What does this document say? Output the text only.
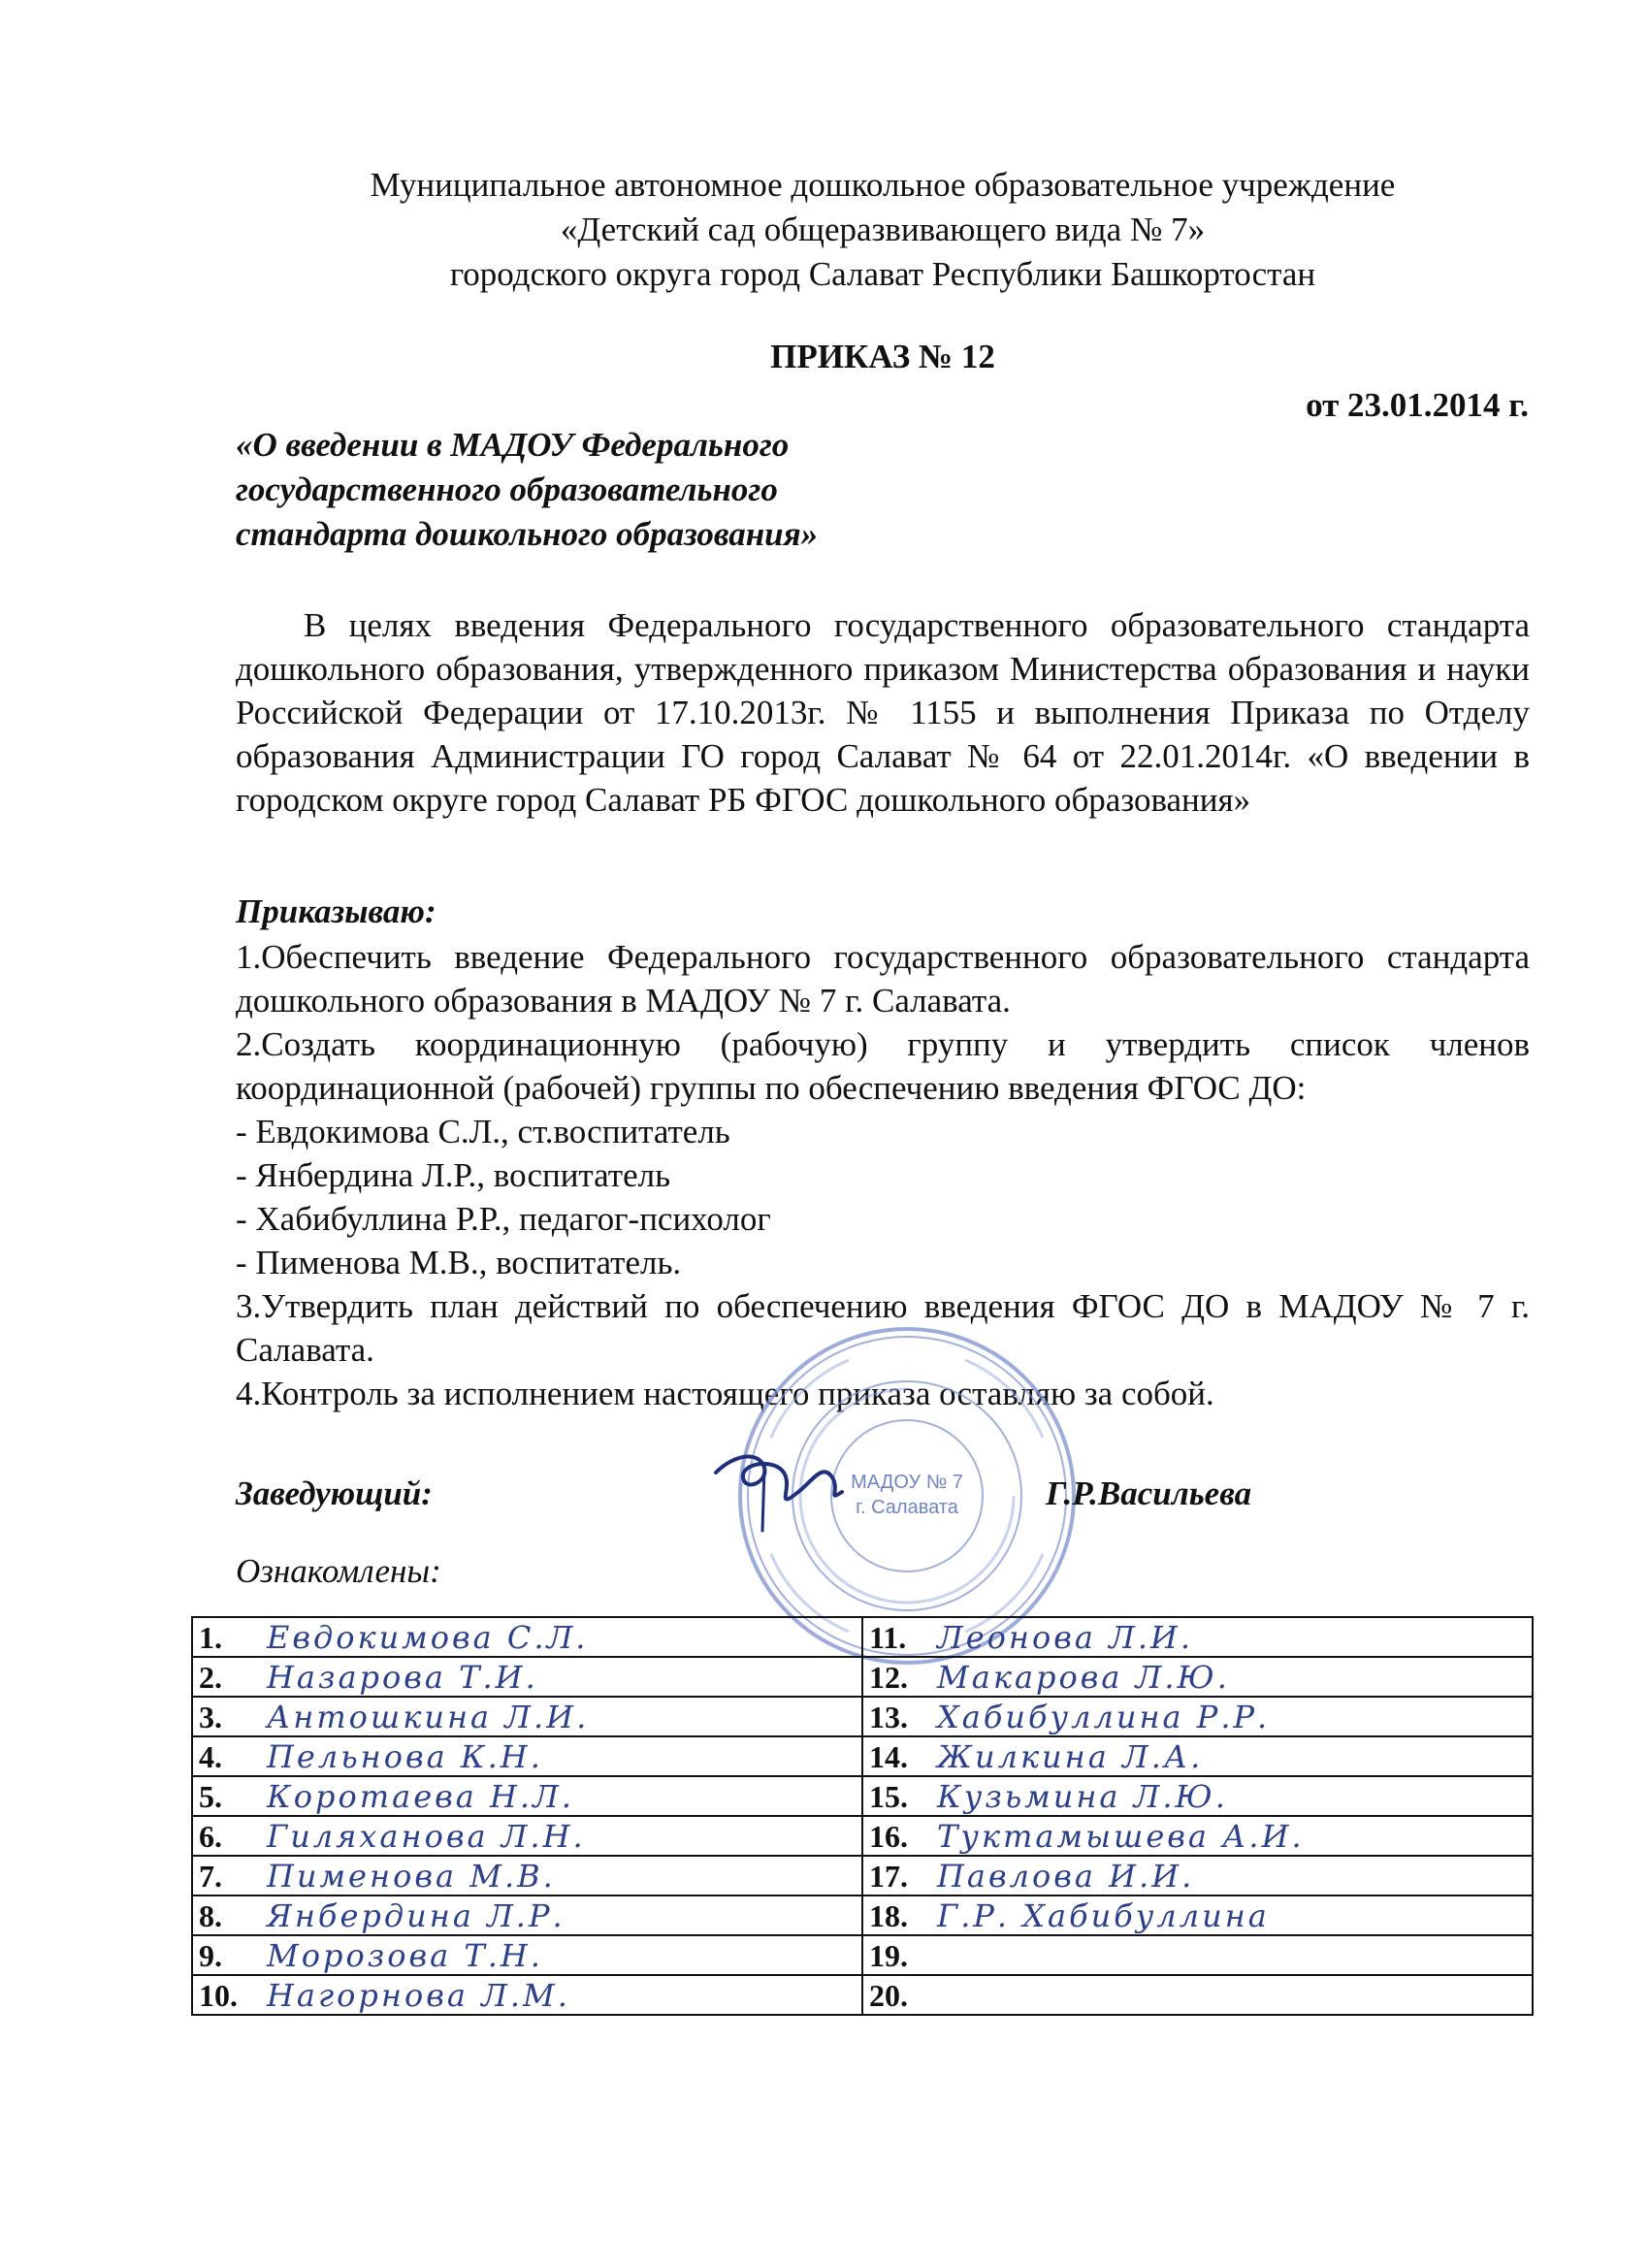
Муниципальное автономное дошкольное образовательное учреждение
«Детский сад общеразвивающего вида № 7»
городского округа город Салават Республики Башкортостан
ПРИКАЗ № 12
от 23.01.2014 г.
«О введении в МАДОУ Федерального
государственного образовательного
стандарта дошкольного образования»
В целях введения Федерального государственного образовательного стандарта дошкольного образования, утвержденного приказом Министерства образования и науки Российской Федерации от 17.10.2013г. № 1155 и выполнения Приказа по Отделу образования Администрации ГО город Салават № 64 от 22.01.2014г. «О введении в городском округе город Салават РБ ФГОС дошкольного образования»
Приказываю:
1.Обеспечить введение Федерального государственного образовательного стандарта дошкольного образования в МАДОУ № 7 г. Салавата.
2.Создать координационную (рабочую) группу и утвердить список членов координационной (рабочей) группы по обеспечению введения ФГОС ДО:
- Евдокимова С.Л., ст.воспитатель
- Янбердина Л.Р., воспитатель
- Хабибуллина Р.Р., педагог-психолог
- Пименова М.В., воспитатель.
3.Утвердить план действий по обеспечению введения ФГОС ДО в МАДОУ № 7 г. Салавата.
4.Контроль за исполнением настоящего приказа оставляю за собой.
МАДОУ № 7
г. Салавата
Заведующий:	Г.Р.Васильева
Ознакомлены:
1. Евдокимова С.Л.	11. Леонова Л.И.
2. Назарова Т.И.	12. Макарова Л.Ю.
3. Антошкина Л.И.	13. Хабибуллина Р.Р.
4. Пельнова К.Н.	14. Жилкина Л.А.
5. Коротаева Н.Л.	15. Кузьмина Л.Ю.
6. Гиляханова Л.Н.	16. Туктамышева А.И.
7. Пименова М.В.	17. Павлова И.И.
8. Янбердина Л.Р.	18. Г.Р. Хабибуллина
9. Морозова Т.Н.	19.
10. Нагорнова Л.М.	20.
